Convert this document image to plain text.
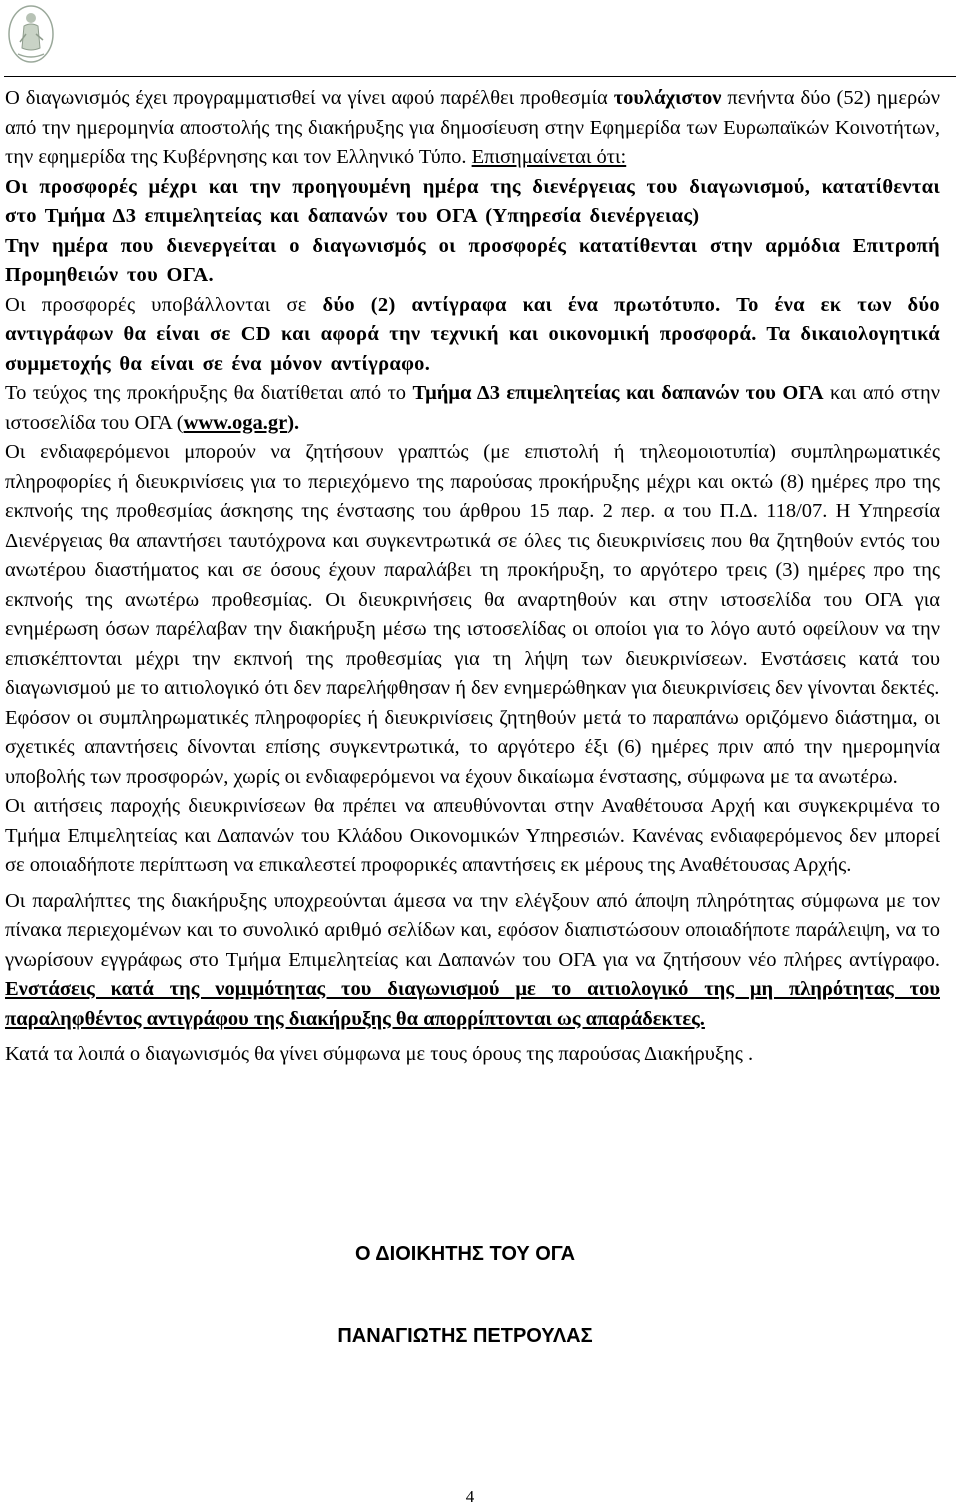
Ο διαγωνισμός έχει προγραμματισθεί να γίνει αφού παρέλθει προθεσμία τουλάχιστον πενήντα δύο (52) ημερών από την ημερομηνία αποστολής της διακήρυξης για δημοσίευση στην Εφημερίδα των Ευρωπαϊκών Κοινοτήτων, την εφημερίδα της Κυβέρνησης και τον Ελληνικό Τύπο. Επισημαίνεται ότι:

Οι προσφορές μέχρι και την προηγουμένη ημέρα της διενέργειας του διαγωνισμού, κατατίθενται στο Τμήμα Δ3 επιμελητείας και δαπανών του ΟΓΑ (Υπηρεσία διενέργειας)

Την ημέρα που διενεργείται ο διαγωνισμός οι προσφορές κατατίθενται στην αρμόδια Επιτροπή Προμηθειών του ΟΓΑ.

Οι προσφορές υποβάλλονται σε δύο (2) αντίγραφα και ένα πρωτότυπο. Το ένα εκ των δύο αντιγράφων θα είναι σε CD και αφορά την τεχνική και οικονομική προσφορά. Τα δικαιολογητικά συμμετοχής θα είναι σε ένα μόνον αντίγραφο.

Το τεύχος της προκήρυξης θα διατίθεται από το Τμήμα Δ3 επιμελητείας και δαπανών του ΟΓΑ και από στην ιστοσελίδα του ΟΓΑ (www.oga.gr).

Οι ενδιαφερόμενοι μπορούν να ζητήσουν γραπτώς (με επιστολή ή τηλεομοιοτυπία) συμπληρωματικές πληροφορίες ή διευκρινίσεις για το περιεχόμενο της παρούσας προκήρυξης μέχρι και οκτώ (8) ημέρες προ της εκπνοής της προθεσμίας άσκησης της ένστασης του άρθρου 15 παρ. 2 περ. α του Π.Δ. 118/07. Η Υπηρεσία Διενέργειας θα απαντήσει ταυτόχρονα και συγκεντρωτικά σε όλες τις διευκρινίσεις που θα ζητηθούν εντός του ανωτέρου διαστήματος και σε όσους έχουν παραλάβει τη προκήρυξη, το αργότερο τρεις (3) ημέρες προ της εκπνοής της ανωτέρω προθεσμίας. Οι διευκρινήσεις θα αναρτηθούν και στην ιστοσελίδα του ΟΓΑ για ενημέρωση όσων παρέλαβαν την διακήρυξη μέσω της ιστοσελίδας οι οποίοι για το λόγο αυτό οφείλουν να την επισκέπτονται μέχρι την εκπνοή της προθεσμίας για τη λήψη των διευκρινίσεων. Ενστάσεις κατά του διαγωνισμού με το αιτιολογικό ότι δεν παρελήφθησαν ή δεν ενημερώθηκαν για διευκρινίσεις δεν γίνονται δεκτές.

Εφόσον οι συμπληρωματικές πληροφορίες ή διευκρινίσεις ζητηθούν μετά το παραπάνω οριζόμενο διάστημα, οι σχετικές απαντήσεις δίνονται επίσης συγκεντρωτικά, το αργότερο έξι (6) ημέρες πριν από την ημερομηνία υποβολής των προσφορών, χωρίς οι ενδιαφερόμενοι να έχουν δικαίωμα ένστασης, σύμφωνα με τα ανωτέρω.

Οι αιτήσεις παροχής διευκρινίσεων θα πρέπει να απευθύνονται στην Αναθέτουσα Αρχή και συγκεκριμένα το Τμήμα Επιμελητείας και Δαπανών του Κλάδου Οικονομικών Υπηρεσιών. Κανένας ενδιαφερόμενος δεν μπορεί σε οποιαδήποτε περίπτωση να επικαλεστεί προφορικές απαντήσεις εκ μέρους της Αναθέτουσας Αρχής.

Οι παραλήπτες της διακήρυξης υποχρεούνται άμεσα να την ελέγξουν από άποψη πληρότητας σύμφωνα με τον πίνακα περιεχομένων και το συνολικό αριθμό σελίδων και, εφόσον διαπιστώσουν οποιαδήποτε παράλειψη, να το γνωρίσουν εγγράφως στο Τμήμα Επιμελητείας και Δαπανών του ΟΓΑ για να ζητήσουν νέο πλήρες αντίγραφο. Ενστάσεις κατά της νομιμότητας του διαγωνισμού με το αιτιολογικό της μη πληρότητας του παραληφθέντος αντιγράφου της διακήρυξης θα απορρίπτονται ως απαράδεκτες.

Κατά τα λοιπά ο διαγωνισμός θα γίνει σύμφωνα με τους όρους της παρούσας Διακήρυξης .

Ο ΔΙΟΙΚΗΤΗΣ ΤΟΥ ΟΓΑ
ΠΑΝΑΓΙΩΤΗΣ ΠΕΤΡΟΥΛΑΣ
4
